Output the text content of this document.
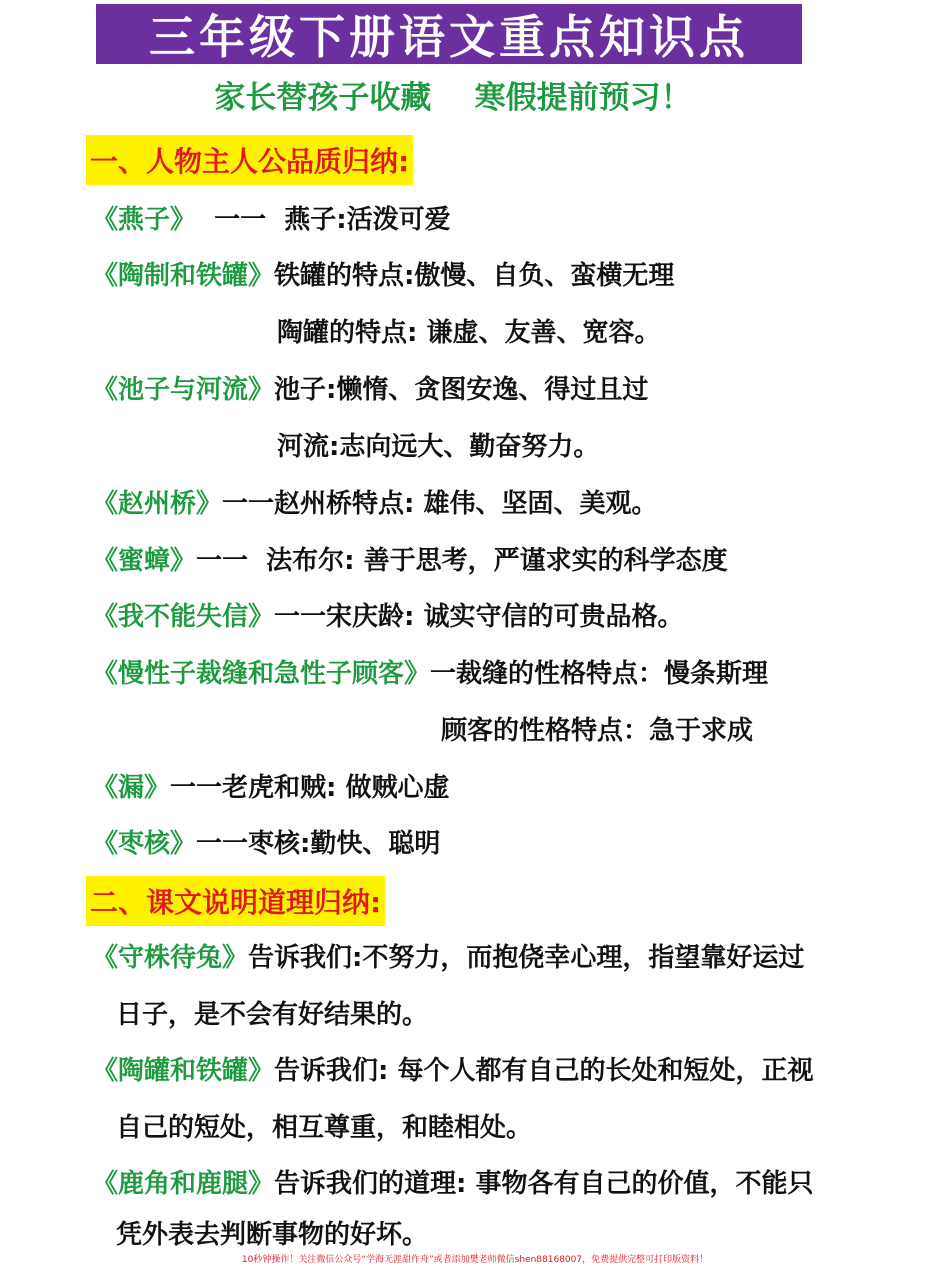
三年级下册语文重点知识点
家长替孩子收藏    寒假提前预习！
一、人物主人公品质归纳:
《燕子》  一一  燕子:活泼可爱
《陶制和铁罐》铁罐的特点:傲慢、自负、蛮横无理
陶罐的特点: 谦虚、友善、宽容。
《池子与河流》池子:懒惰、贪图安逸、得过且过
河流:志向远大、勤奋努力。
《赵州桥》一一赵州桥特点: 雄伟、坚固、美观。
《蜜蟑》一一  法布尔: 善于思考，严谨求实的科学态度
《我不能失信》一一宋庆龄: 诚实守信的可贵品格。
《慢性子裁缝和急性子顾客》一裁缝的性格特点：慢条斯理
顾客的性格特点：急于求成
《漏》一一老虎和贼: 做贼心虚
《枣核》一一枣核:勤快、聪明
二、课文说明道理归纳:
《守株待兔》告诉我们:不努力，而抱侥幸心理，指望靠好运过
日子，是不会有好结果的。
《陶罐和铁罐》告诉我们: 每个人都有自己的长处和短处，正视
自己的短处，相互尊重，和睦相处。
《鹿角和鹿腿》告诉我们的道理: 事物各有自己的价值，不能只
凭外表去判断事物的好坏。
10秒钟操作！关注微信公众号“学海无涯甜作舟”或者添加樊老师微信shen88168007，免费提供完整可打印版资料！
